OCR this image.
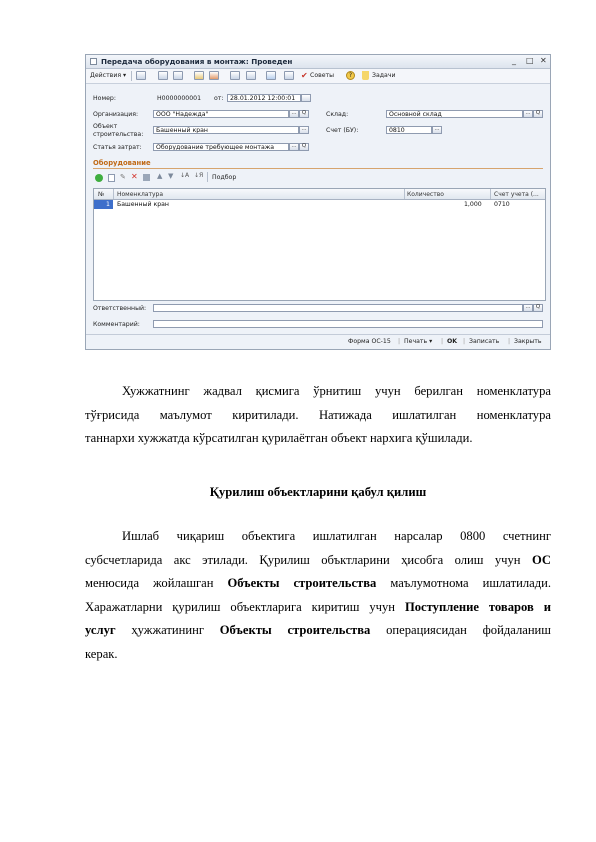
Передача оборудования в монтаж: Проведен	_ □ ✕
Действия ▾	✔ Советы	?	Задачи
Номер:	Н0000000001 от:	28.01.2012 12:00:01
Организация:	ООО "Надежда"	... Q	Склад:	Основной склад	... Q
Объект
строительства:
Башенный кран	...	Счет (БУ):	0810	...
Статья затрат:	Оборудование требующее монтажа	... Q
Оборудование
✎ ✕	▲ ▼ ↓A ↓Я Подбор
№ Номенклатура	Количество	Счет учета (...
1 Башенный кран	1,000 0710
Ответственный:	... Q
Комментарий:
Форма ОС-15 | Печать ▾ | OK | Записать | Закрыть
Хужжатнинг жадвал қисмига ўрнитиш учун берилган номенклатура
тўғрисида маълумот киритилади. Натижада ишлатилган номенклатура
таннархи хужжатда кўрсатилган қурилаётган объект нархига қўшилади.
Қурилиш объектларини қабул қилиш
Ишлаб чиқариш объектига ишлатилган нарсалар 0800 счетнинг
субсчетларида акс этилади. Қурилиш объктларини ҳисобга олиш учун ОС
менюсида жойлашган Объекты строительства маълумотнома ишлатилади.
Харажатларни қурилиш объектларига киритиш учун Поступление товаров и
услуг ҳужжатининг Объекты строительства операциясидан фойдаланиш
керак.
